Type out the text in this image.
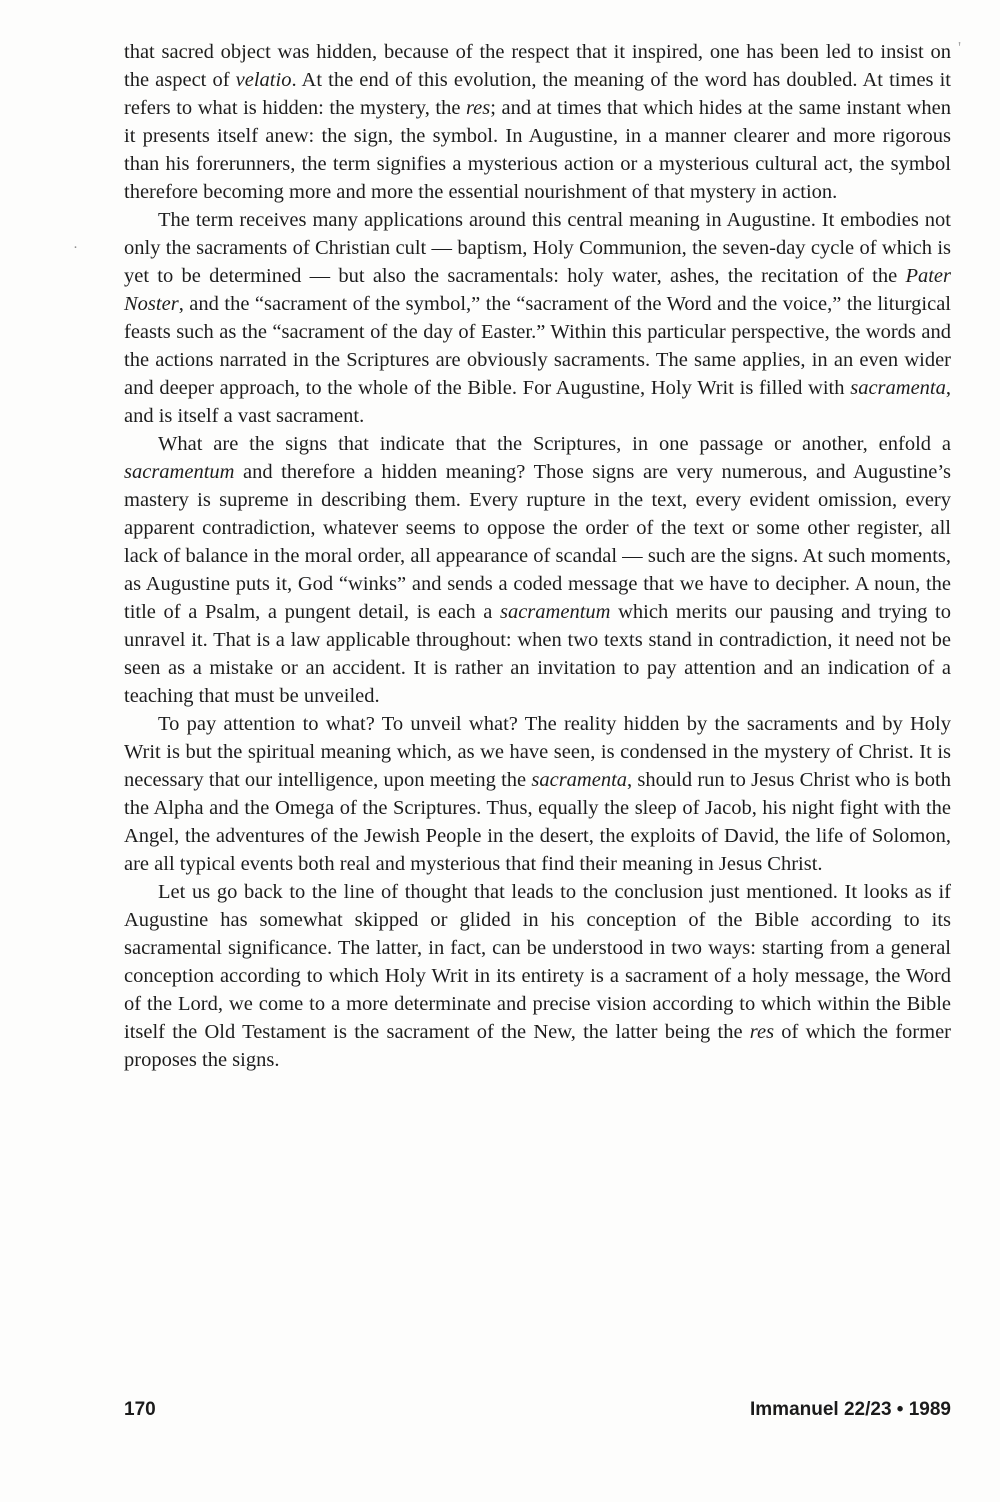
·
'

that sacred object was hidden, because of the respect that it inspired, one has been led to insist on the aspect of velatio. At the end of this evolution, the meaning of the word has doubled. At times it refers to what is hidden: the mystery, the res; and at times that which hides at the same instant when it presents itself anew: the sign, the symbol. In Augustine, in a manner clearer and more rigorous than his forerunners, the term signifies a mysterious action or a mysterious cultural act, the symbol therefore becoming more and more the essential nourishment of that mystery in action.

The term receives many applications around this central meaning in Augustine. It embodies not only the sacraments of Christian cult — baptism, Holy Communion, the seven-day cycle of which is yet to be determined — but also the sacramentals: holy water, ashes, the recitation of the Pater Noster, and the “sacrament of the symbol,” the “sacrament of the Word and the voice,” the liturgical feasts such as the “sacrament of the day of Easter.” Within this particular perspective, the words and the actions narrated in the Scriptures are obviously sacraments. The same applies, in an even wider and deeper approach, to the whole of the Bible. For Augustine, Holy Writ is filled with sacramenta, and is itself a vast sacrament.

What are the signs that indicate that the Scriptures, in one passage or another, enfold a sacramentum and therefore a hidden meaning? Those signs are very numerous, and Augustine’s mastery is supreme in describing them. Every rupture in the text, every evident omission, every apparent contradiction, whatever seems to oppose the order of the text or some other register, all lack of balance in the moral order, all appearance of scandal — such are the signs. At such moments, as Augustine puts it, God “winks” and sends a coded message that we have to decipher. A noun, the title of a Psalm, a pungent detail, is each a sacramentum which merits our pausing and trying to unravel it. That is a law applicable throughout: when two texts stand in contradiction, it need not be seen as a mistake or an accident. It is rather an invitation to pay attention and an indication of a teaching that must be unveiled.

To pay attention to what? To unveil what? The reality hidden by the sacraments and by Holy Writ is but the spiritual meaning which, as we have seen, is condensed in the mystery of Christ. It is necessary that our intelligence, upon meeting the sacramenta, should run to Jesus Christ who is both the Alpha and the Omega of the Scriptures. Thus, equally the sleep of Jacob, his night fight with the Angel, the adventures of the Jewish People in the desert, the exploits of David, the life of Solomon, are all typical events both real and mysterious that find their meaning in Jesus Christ.

Let us go back to the line of thought that leads to the conclusion just mentioned. It looks as if Augustine has somewhat skipped or glided in his conception of the Bible according to its sacramental significance. The latter, in fact, can be understood in two ways: starting from a general conception according to which Holy Writ in its entirety is a sacrament of a holy message, the Word of the Lord, we come to a more determinate and precise vision according to which within the Bible itself the Old Testament is the sacrament of the New, the latter being the res of which the former proposes the signs.

170	Immanuel 22/23 • 1989
